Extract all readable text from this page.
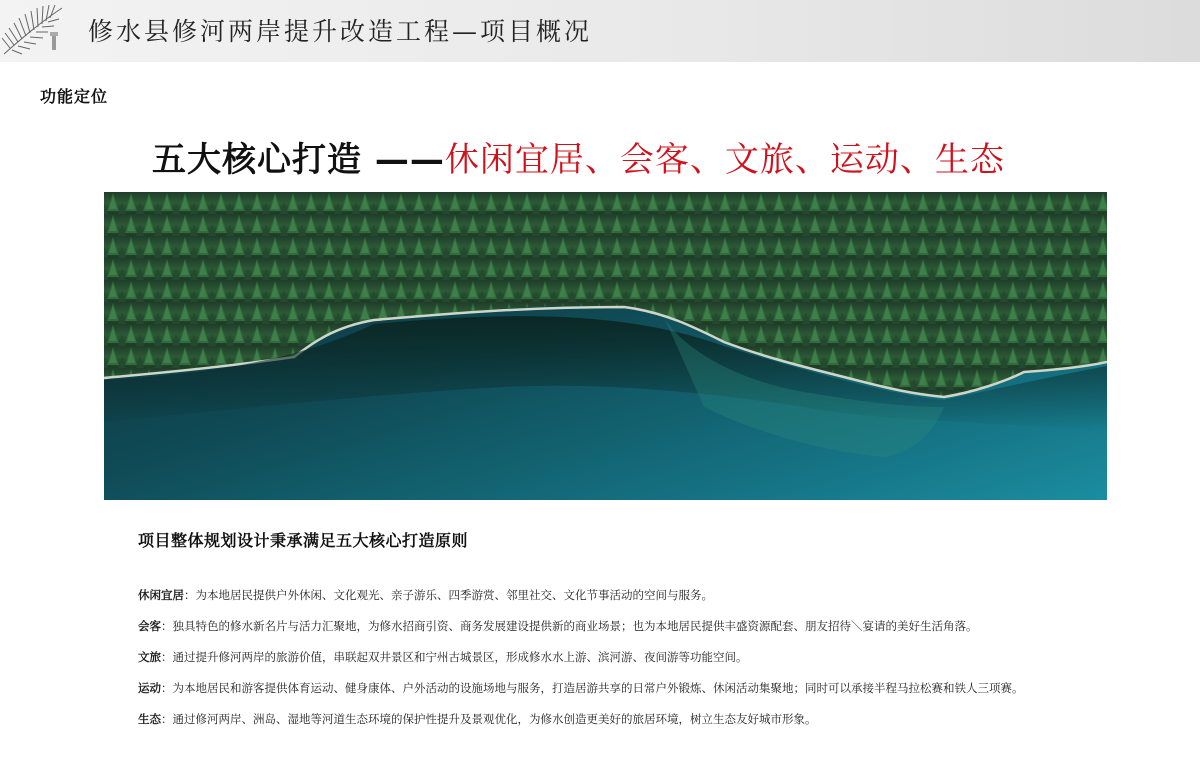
修水县修河两岸提升改造工程—项目概况
功能定位
五大核心打造 ——休闲宜居、会客、文旅、运动、生态
项目整体规划设计秉承满足五大核心打造原则
休闲宜居：为本地居民提供户外休闲、文化观光、亲子游乐、四季游赏、邻里社交、文化节事活动的空间与服务。
会客：独具特色的修水新名片与活力汇聚地，为修水招商引资、商务发展建设提供新的商业场景；也为本地居民提供丰盛资源配套、朋友招待＼宴请的美好生活角落。
文旅：通过提升修河两岸的旅游价值，串联起双井景区和宁州古城景区，形成修水水上游、滨河游、夜间游等功能空间。
运动：为本地居民和游客提供体育运动、健身康体、户外活动的设施场地与服务，打造居游共享的日常户外锻炼、休闲活动集聚地；同时可以承接半程马拉松赛和铁人三项赛。
生态：通过修河两岸、洲岛、湿地等河道生态环境的保护性提升及景观优化，为修水创造更美好的旅居环境，树立生态友好城市形象。
